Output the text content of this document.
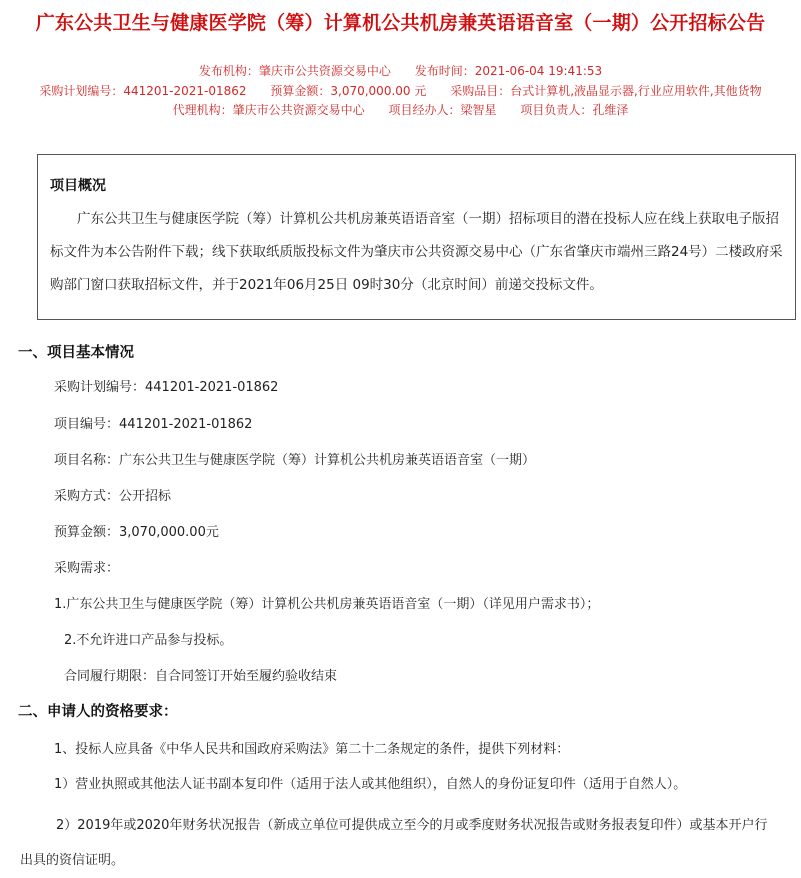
广东公共卫生与健康医学院（筹）计算机公共机房兼英语语音室（一期）公开招标公告
发布机构：肇庆市公共资源交易中心 发布时间：2021-06-04 19:41:53
采购计划编号：441201-2021-01862 预算金额：3,070,000.00 元 采购品目：台式计算机,液晶显示器,行业应用软件,其他货物
代理机构：肇庆市公共资源交易中心 项目经办人：梁智星 项目负责人：孔维泽
项目概况
广东公共卫生与健康医学院（筹）计算机公共机房兼英语语音室（一期）招标项目的潜在投标人应在线上获取电子版招标文件为本公告附件下载；线下获取纸质版投标文件为肇庆市公共资源交易中心（广东省肇庆市端州三路24号）二楼政府采购部门窗口获取招标文件，并于2021年06月25日 09时30分（北京时间）前递交投标文件。
一、项目基本情况
采购计划编号：441201-2021-01862
项目编号：441201-2021-01862
项目名称：广东公共卫生与健康医学院（筹）计算机公共机房兼英语语音室（一期）
采购方式：公开招标
预算金额：3,070,000.00元
采购需求：
1.广东公共卫生与健康医学院（筹）计算机公共机房兼英语语音室（一期）（详见用户需求书）；
2.不允许进口产品参与投标。
合同履行期限：自合同签订开始至履约验收结束
二、申请人的资格要求：
1、投标人应具备《中华人民共和国政府采购法》第二十二条规定的条件，提供下列材料：
1）营业执照或其他法人证书副本复印件（适用于法人或其他组织），自然人的身份证复印件（适用于自然人）。
2）2019年或2020年财务状况报告（新成立单位可提供成立至今的月或季度财务状况报告或财务报表复印件）或基本开户行出具的资信证明。
